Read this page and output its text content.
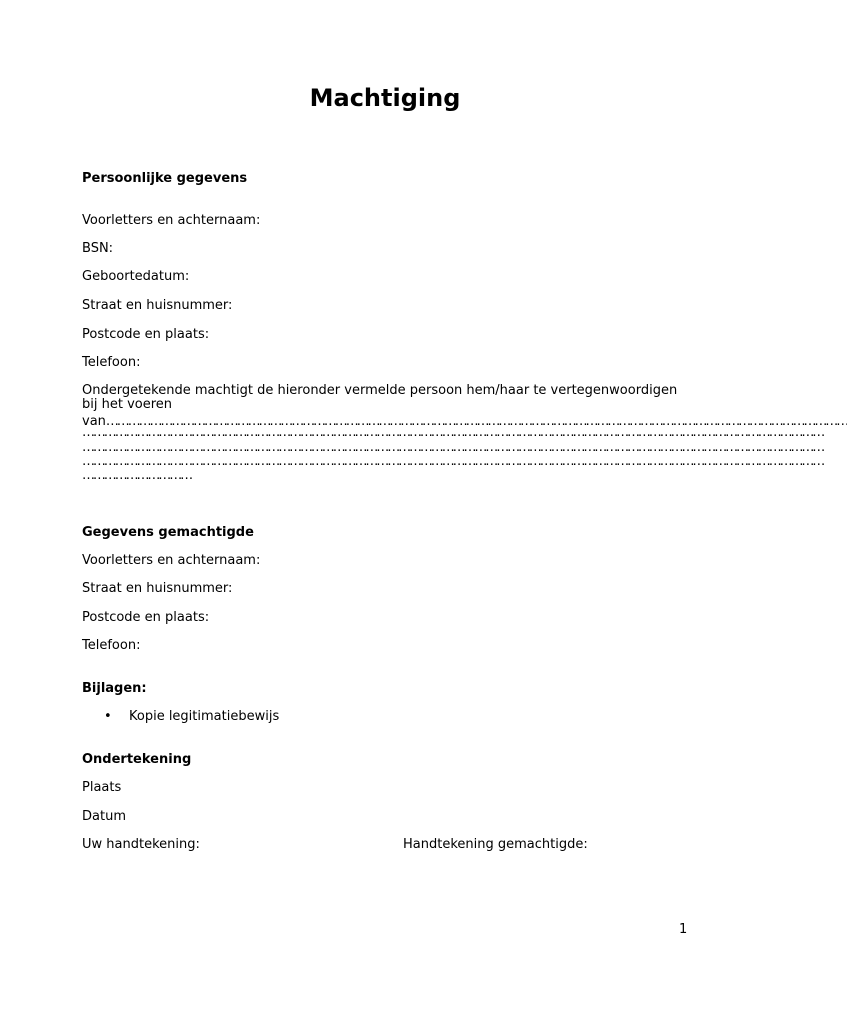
Machtiging
Persoonlijke gegevens
Voorletters en achternaam:
BSN:
Geboortedatum:
Straat en huisnummer:
Postcode en plaats:
Telefoon:
Ondergetekende machtigt de hieronder vermelde persoon hem/haar te vertegenwoordigen
bij het voeren
van……………………………………………………………………………………………………………………………………………………………………………………
……………………………………………………………………………………………………………………………………………………………………………………
……………………………………………………………………………………………………………………………………………………………………………………
……………………………………………………………………………………………………………………………………………………………………………………
…………………………
Gegevens gemachtigde
Voorletters en achternaam:
Straat en huisnummer:
Postcode en plaats:
Telefoon:
Bijlagen:
• Kopie legitimatiebewijs
Ondertekening
Plaats
Datum
Uw handtekening:	Handtekening gemachtigde:
1
